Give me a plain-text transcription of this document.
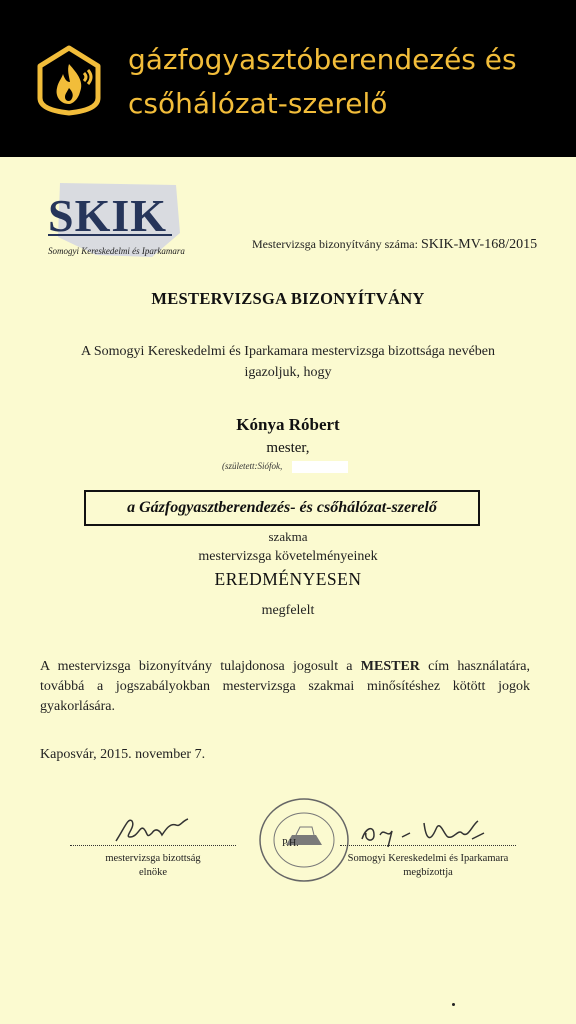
gázfogyasztóberendezés és
csőhálózat-szerelő
SKIK
Somogyi Kereskedelmi és Iparkamara	Mestervizsga bizonyítvány száma: SKIK-MV-168/2015
MESTERVIZSGA BIZONYÍTVÁNY
A Somogyi Kereskedelmi és Iparkamara mestervizsga bizottsága nevében
igazoljuk, hogy
Kónya Róbert
mester,
(született:Siófok,
a Gázfogyasztberendezés- és csőhálózat-szerelő
szakma
mestervizsga követelményeinek
EREDMÉNYESEN
megfelelt
A mestervizsga bizonyítvány tulajdonosa jogosult a MESTER cím használatára, továbbá a jogszabályokban mestervizsga szakmai minősítéshez kötött jogok gyakorlására.
Kaposvár, 2015. november 7.
mestervizsga bizottság
elnöke
P.H.
Somogyi Kereskedelmi és Iparkamara
megbízottja
